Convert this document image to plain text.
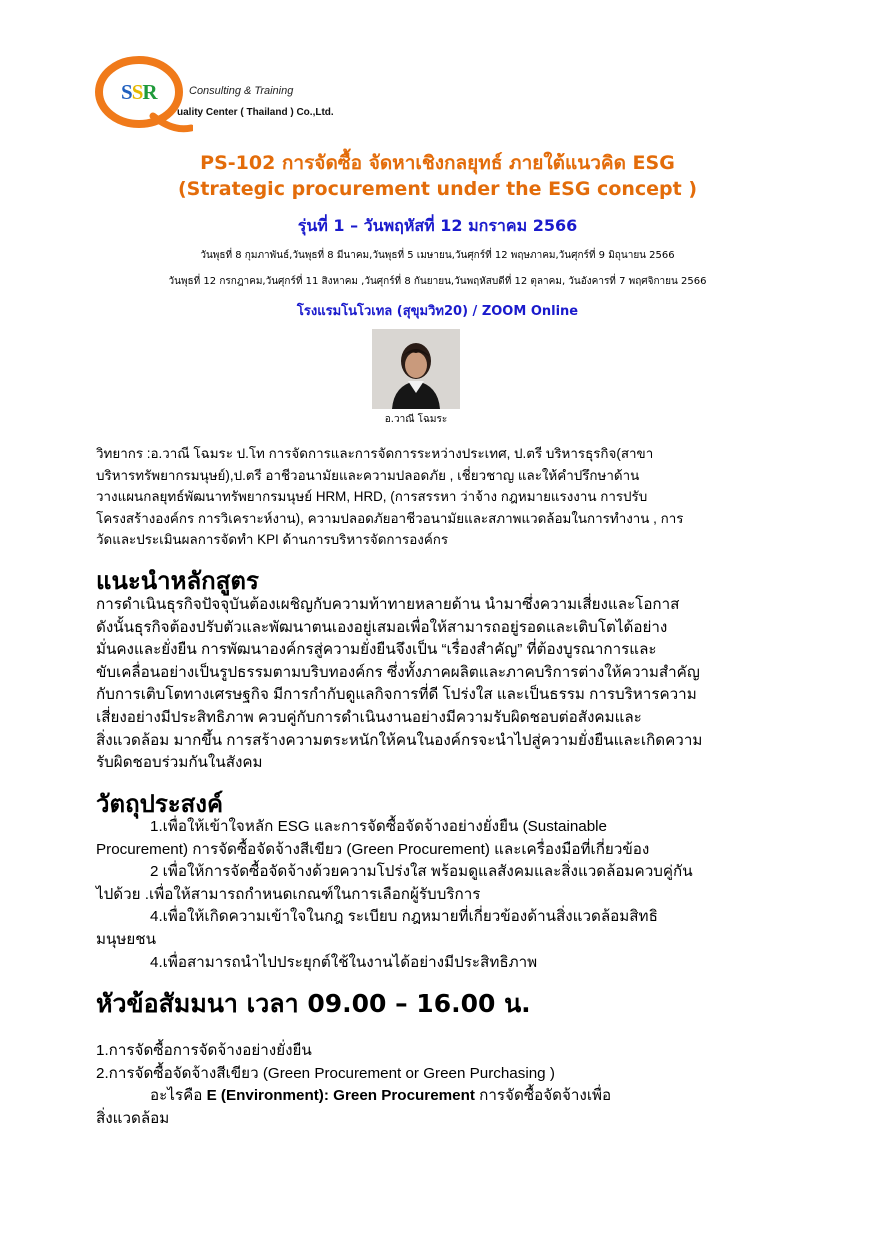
SSR	Consulting & Training
uality Center ( Thailand ) Co.,Ltd.
PS-102 การจัดซื้อ จัดหาเชิงกลยุทธ์ ภายใต้แนวคิด ESG
(Strategic procurement under the ESG concept )
รุ่นที่ 1 – วันพฤหัสที่ 12 มกราคม 2566
วันพุธที่ 8 กุมภาพันธ์,วันพุธที่ 8 มีนาคม,วันพุธที่ 5 เมษายน,วันศุกร์ที่ 12 พฤษภาคม,วันศุกร์ที่ 9 มิถุนายน 2566
วันพุธที่ 12 กรกฎาคม,วันศุกร์ที่ 11 สิงหาคม ,วันศุกร์ที่ 8 กันยายน,วันพฤหัสบดีที่ 12 ตุลาคม, วันอังคารที่ 7 พฤศจิกายน 2566
โรงแรมโนโวเทล (สุขุมวิท20) / ZOOM Online
อ.วาณี โฉมระ
วิทยากร :อ.วาณี โฉมระ ป.โท การจัดการและการจัดการระหว่างประเทศ, ป.ตรี บริหารธุรกิจ(สาขา
บริหารทรัพยากรมนุษย์),ป.ตรี อาชีวอนามัยและความปลอดภัย , เชี่ยวชาญ และให้คำปรึกษาด้าน
วางแผนกลยุทธ์พัฒนาทรัพยากรมนุษย์ HRM, HRD, (การสรรหา ว่าจ้าง กฎหมายแรงงาน การปรับ
โครงสร้างองค์กร การวิเคราะห์งาน), ความปลอดภัยอาชีวอนามัยและสภาพแวดล้อมในการทำงาน , การ
วัดและประเมินผลการจัดทำ KPI ด้านการบริหารจัดการองค์กร
แนะนำหลักสูตร
การดำเนินธุรกิจปัจจุบันต้องเผชิญกับความท้าทายหลายด้าน นำมาซึ่งความเสี่ยงและโอกาส
ดังนั้นธุรกิจต้องปรับตัวและพัฒนาตนเองอยู่เสมอเพื่อให้สามารถอยู่รอดและเติบโตได้อย่าง
มั่นคงและยั่งยืน การพัฒนาองค์กรสู่ความยั่งยืนจึงเป็น “เรื่องสำคัญ” ที่ต้องบูรณาการและ
ขับเคลื่อนอย่างเป็นรูปธรรมตามบริบทองค์กร ซึ่งทั้งภาคผลิตและภาคบริการต่างให้ความสำคัญ
กับการเติบโตทางเศรษฐกิจ มีการกำกับดูแลกิจการที่ดี โปร่งใส และเป็นธรรม การบริหารความ
เสี่ยงอย่างมีประสิทธิภาพ ควบคู่กับการดำเนินงานอย่างมีความรับผิดชอบต่อสังคมและ
สิ่งแวดล้อม มากขึ้น การสร้างความตระหนักให้คนในองค์กรจะนำไปสู่ความยั่งยืนและเกิดความ
รับผิดชอบร่วมกันในสังคม
วัตถุประสงค์
1.เพื่อให้เข้าใจหลัก ESG และการจัดซื้อจัดจ้างอย่างยั่งยืน (Sustainable
Procurement) การจัดซื้อจัดจ้างสีเขียว (Green Procurement) และเครื่องมือที่เกี่ยวข้อง
2 เพื่อให้การจัดซื้อจัดจ้างด้วยความโปร่งใส พร้อมดูแลสังคมและสิ่งแวดล้อมควบคู่กัน
ไปด้วย .เพื่อให้สามารถกำหนดเกณฑ์ในการเลือกผู้รับบริการ
4.เพื่อให้เกิดความเข้าใจในกฎ ระเบียบ กฎหมายที่เกี่ยวข้องด้านสิ่งแวดล้อมสิทธิ
มนุษยชน
4.เพื่อสามารถนำไปประยุกต์ใช้ในงานได้อย่างมีประสิทธิภาพ
หัวข้อสัมมนา เวลา 09.00 – 16.00 น.
1.การจัดซื้อการจัดจ้างอย่างยั่งยืน
2.การจัดซื้อจัดจ้างสีเขียว (Green Procurement or Green Purchasing )
อะไรคือ E (Environment): Green Procurement การจัดซื้อจัดจ้างเพื่อ
สิ่งแวดล้อม
